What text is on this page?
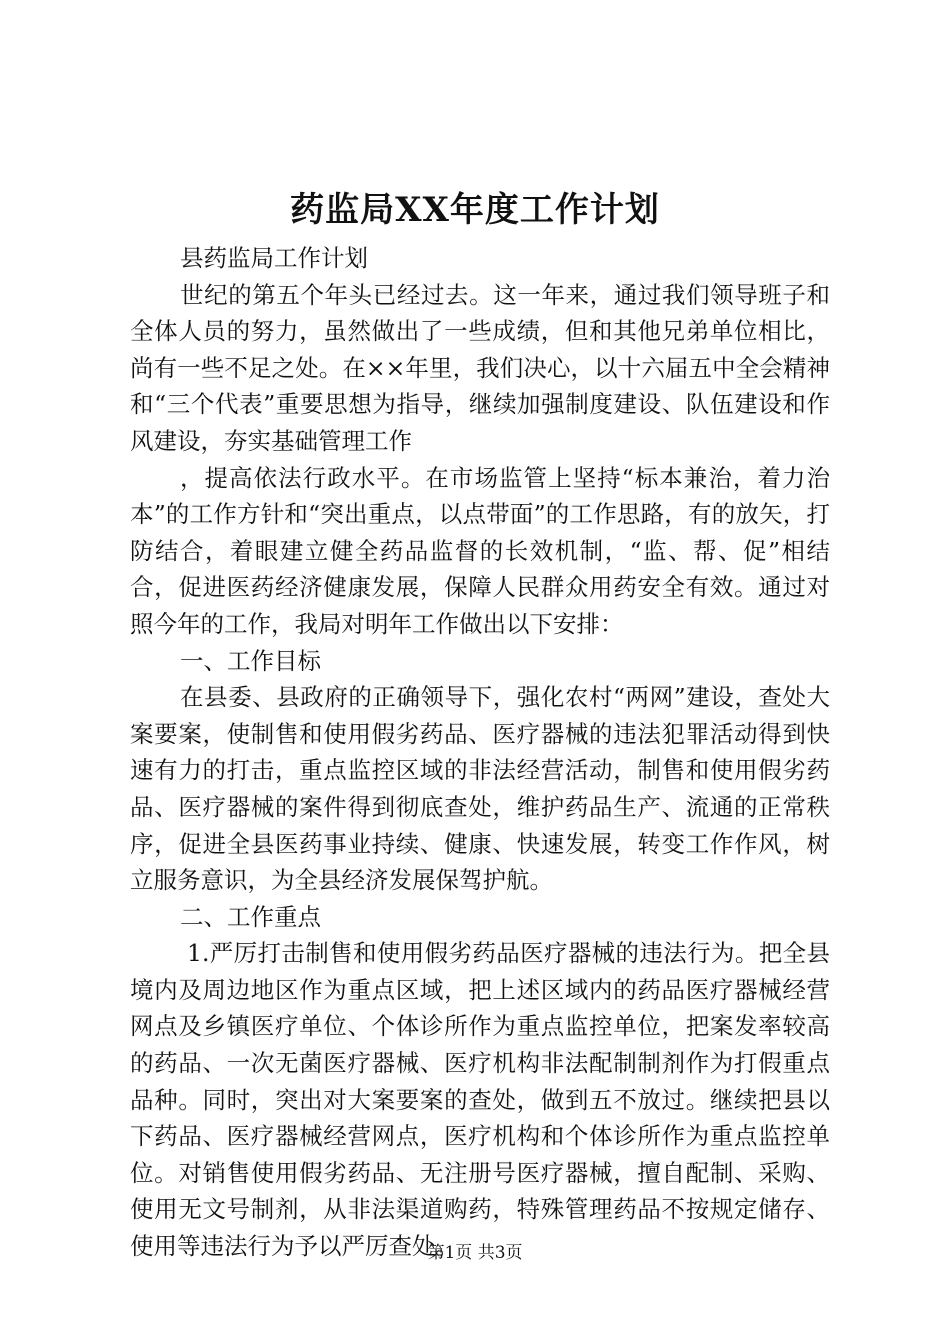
药监局XX年度工作计划

县药监局工作计划

世纪的第五个年头已经过去。这一年来，通过我们领导班子和全体人员的努力，虽然做出了一些成绩，但和其他兄弟单位相比，尚有一些不足之处。在××年里，我们决心，以十六届五中全会精神和“三个代表”重要思想为指导，继续加强制度建设、队伍建设和作风建设，夯实基础管理工作

，提高依法行政水平。在市场监管上坚持“标本兼治，着力治本”的工作方针和“突出重点，以点带面”的工作思路，有的放矢，打防结合，着眼建立健全药品监督的长效机制，“监、帮、促”相结合，促进医药经济健康发展，保障人民群众用药安全有效。通过对照今年的工作，我局对明年工作做出以下安排：

一、工作目标

在县委、县政府的正确领导下，强化农村“两网”建设，查处大案要案，使制售和使用假劣药品、医疗器械的违法犯罪活动得到快速有力的打击，重点监控区域的非法经营活动，制售和使用假劣药品、医疗器械的案件得到彻底查处，维护药品生产、流通的正常秩序，促进全县医药事业持续、健康、快速发展，转变工作作风，树立服务意识，为全县经济发展保驾护航。

二、工作重点

1.严厉打击制售和使用假劣药品医疗器械的违法行为。把全县境内及周边地区作为重点区域，把上述区域内的药品医疗器械经营网点及乡镇医疗单位、个体诊所作为重点监控单位，把案发率较高的药品、一次无菌医疗器械、医疗机构非法配制制剂作为打假重点品种。同时，突出对大案要案的查处，做到五不放过。继续把县以下药品、医疗器械经营网点，医疗机构和个体诊所作为重点监控单位。对销售使用假劣药品、无注册号医疗器械，擅自配制、采购、使用无文号制剂，从非法渠道购药，特殊管理药品不按规定储存、使用等违法行为予以严厉查处。

第1页 共3页
